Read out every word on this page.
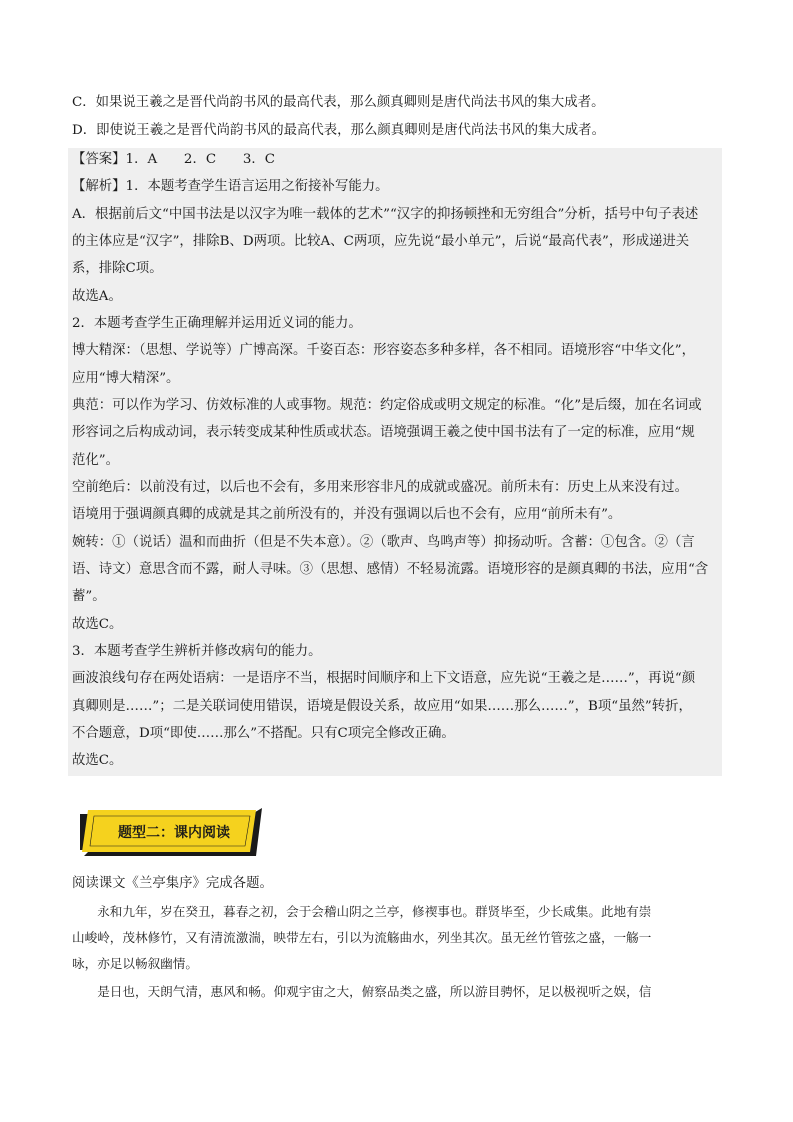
C．如果说王羲之是晋代尚韵书风的最高代表，那么颜真卿则是唐代尚法书风的集大成者。
D．即使说王羲之是晋代尚韵书风的最高代表，那么颜真卿则是唐代尚法书风的集大成者。
【答案】1．A　　2．C　　3．C
【解析】1．本题考查学生语言运用之衔接补写能力。
A．根据前后文“中国书法是以汉字为唯一载体的艺术”“汉字的抑扬顿挫和无穷组合”分析，括号中句子表述
的主体应是“汉字”，排除B、D两项。比较A、C两项，应先说“最小单元”，后说“最高代表”，形成递进关
系，排除C项。
故选A。
2．本题考查学生正确理解并运用近义词的能力。
博大精深：（思想、学说等）广博高深。千姿百态：形容姿态多种多样，各不相同。语境形容“中华文化”，
应用“博大精深”。
典范：可以作为学习、仿效标准的人或事物。规范：约定俗成或明文规定的标准。“化”是后缀，加在名词或
形容词之后构成动词，表示转变成某种性质或状态。语境强调王羲之使中国书法有了一定的标准，应用“规
范化”。
空前绝后：以前没有过，以后也不会有，多用来形容非凡的成就或盛况。前所未有：历史上从来没有过。
语境用于强调颜真卿的成就是其之前所没有的，并没有强调以后也不会有，应用“前所未有”。
婉转：①（说话）温和而曲折（但是不失本意）。②（歌声、鸟鸣声等）抑扬动听。含蓄：①包含。②（言
语、诗文）意思含而不露，耐人寻味。③（思想、感情）不轻易流露。语境形容的是颜真卿的书法，应用“含
蓄”。
故选C。
3．本题考查学生辨析并修改病句的能力。
画波浪线句存在两处语病：一是语序不当，根据时间顺序和上下文语意，应先说“王羲之是……”，再说“颜
真卿则是……”；二是关联词使用错误，语境是假设关系，故应用“如果……那么……”，B项“虽然”转折，
不合题意，D项“即使……那么”不搭配。只有C项完全修改正确。
故选C。
题型二：课内阅读
阅读课文《兰亭集序》完成各题。
　　永和九年，岁在癸丑，暮春之初，会于会稽山阴之兰亭，修禊事也。群贤毕至，少长咸集。此地有崇
山峻岭，茂林修竹，又有清流激湍，映带左右，引以为流觞曲水，列坐其次。虽无丝竹管弦之盛，一觞一
咏，亦足以畅叙幽情。
　　是日也，天朗气清，惠风和畅。仰观宇宙之大，俯察品类之盛，所以游目骋怀，足以极视听之娱，信
